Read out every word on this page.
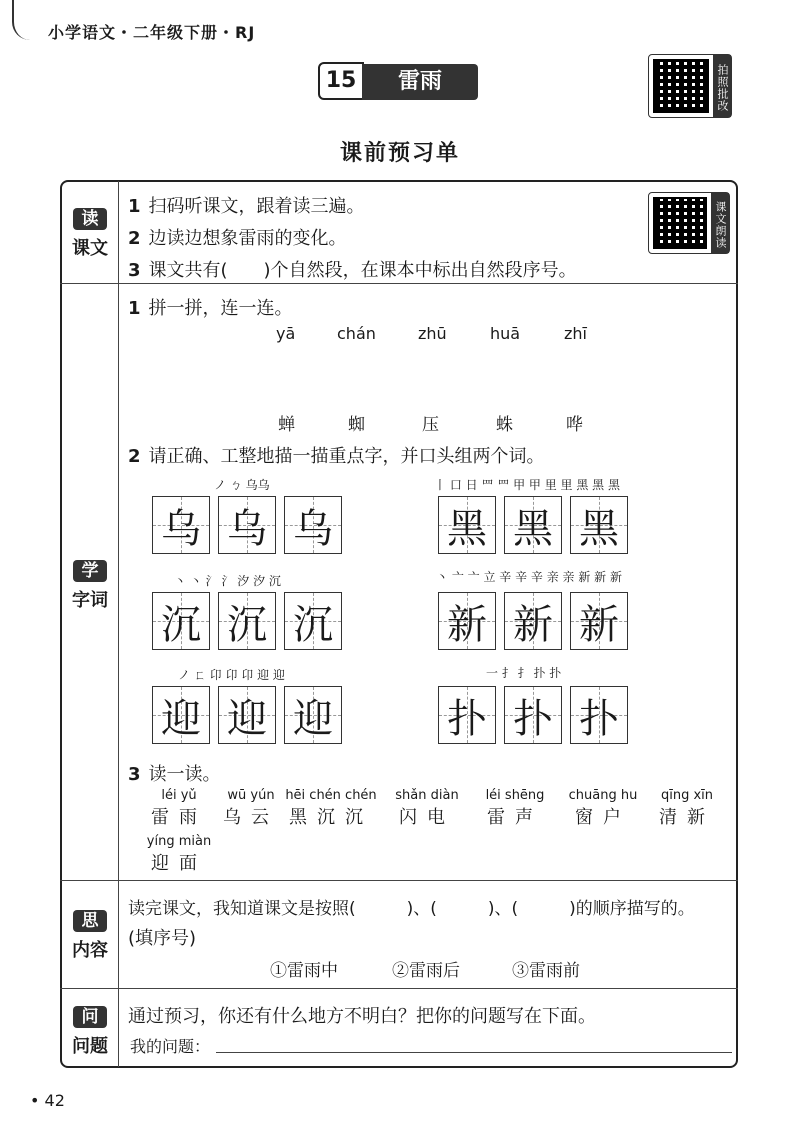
小学语文・二年级下册・RJ
15	雷雨	拍照批改
课前预习单
读
课文
1 扫码听课文，跟着读三遍。
2 边读边想象雷雨的变化。
3 课文共有(　　)个自然段，在课本中标出自然段序号。
课文朗读
学
字词
1 拼一拼，连一连。
yā	chán	zhū	huā	zhī
蝉	蜘	压	蛛	哗
2 请正确、工整地描一描重点字，并口头组两个词。
ノ ㄅ 乌乌	丨 口 日 罒 罒 甲 甲 里 里 黑 黑 黑
丶 丶 氵 氵 汐 汐 沉	丶 亠 亠 立 辛 辛 辛 亲 亲 新 新 新
ノ ㄈ 卬 卬 卬 迎 迎	一 扌 扌 扑 扑
乌 乌 乌	黑 黑 黑
沉 沉 沉	新 新 新
迎 迎 迎	扑 扑 扑
3 读一读。
léi yǔ
雷雨
wū yún
乌云
hēi chén chén
黑沉沉
shǎn diàn
闪电
léi shēng
雷声
chuāng hu
窗户
qīng xīn
清新
yíng miàn
迎面
思
内容
读完课文，我知道课文是按照(　　　)、(　　　)、(　　　)的顺序描写的。
(填序号)
①雷雨中	②雷雨后	③雷雨前
问
问题
通过预习，你还有什么地方不明白？把你的问题写在下面。
我的问题：
• 42
